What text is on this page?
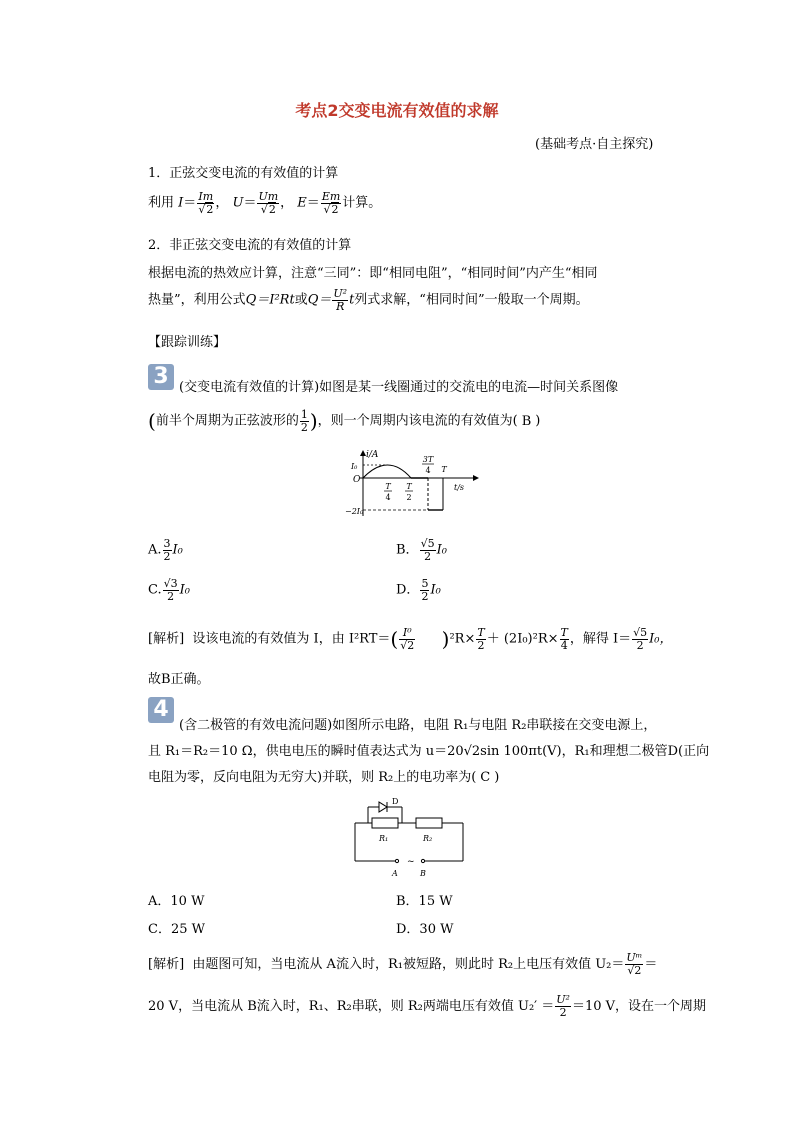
考点2交变电流有效值的求解
(基础考点·自主探究)
1．正弦交变电流的有效值的计算
利用 $I= \frac{Im}{√2}$ ， $U= \frac{Um}{√2}$ ， $E= \frac{Em}{√2}$ 计算。
2．非正弦交变电流的有效值的计算
根据电流的热效应计算，注意“三同”：即“相同电阻”，“相同时间”内产生“相同
热量”，利用公式Q＝I²Rt或$Q= \frac{\text{U²}}{R}$ t列式求解，“相同时间”一般取一个周期。
【跟踪训练】
3 (交变电流有效值的计算)如图是某一线圈通过的交流电的电流—时间关系图像
(前半个周期为正弦波形的 $\frac{1}{2}$ )，则一个周期内该电流的有效值为( B )
i/A
I₀
O
−2I₀
t/s
T
4
T
2
3T
4 T
A. $\frac{3}{2} I_0$	B． $\frac{√5}{2} I_0$
C. $\frac{√3}{2} I_0$	D． $\frac{5}{2} I_0$
[解析] 设该电流的有效值为 I，由 $I^2RT=( \frac{\text{I⁰}}{√2} )^2R\times \frac{T}{2} + (2I_0)^2R\times \frac{T}{4}$ ，解得 $I= \frac{√5}{2} I_0$，
故B正确。
4
(含二极管的有效电流问题)如图所示电路，电阻 R₁与电阻 R₂串联接在交变电源上，
且 R₁＝R₂＝10 Ω，供电电压的瞬时值表达式为 u＝20√2sin 100πt(V)，R₁和理想二极管D(正向
电阻为零，反向电阻为无穷大)并联，则 R₂上的电功率为( C )
D
R₁	R₂
~
A	B
A．10 W	B．15 W
C．25 W	D．30 W
[解析] 由题图可知，当电流从 A流入时，R₁被短路，则此时 R₂上电压有效值 $U_2= \frac{\text{Uᵐ}}{√2}$ ＝
20 V，当电流从 B流入时，R₁、R₂串联，则 R₂两端电压有效值 $U_2' = \frac{\text{U²}}{2} =10$ V，设在一个周期
